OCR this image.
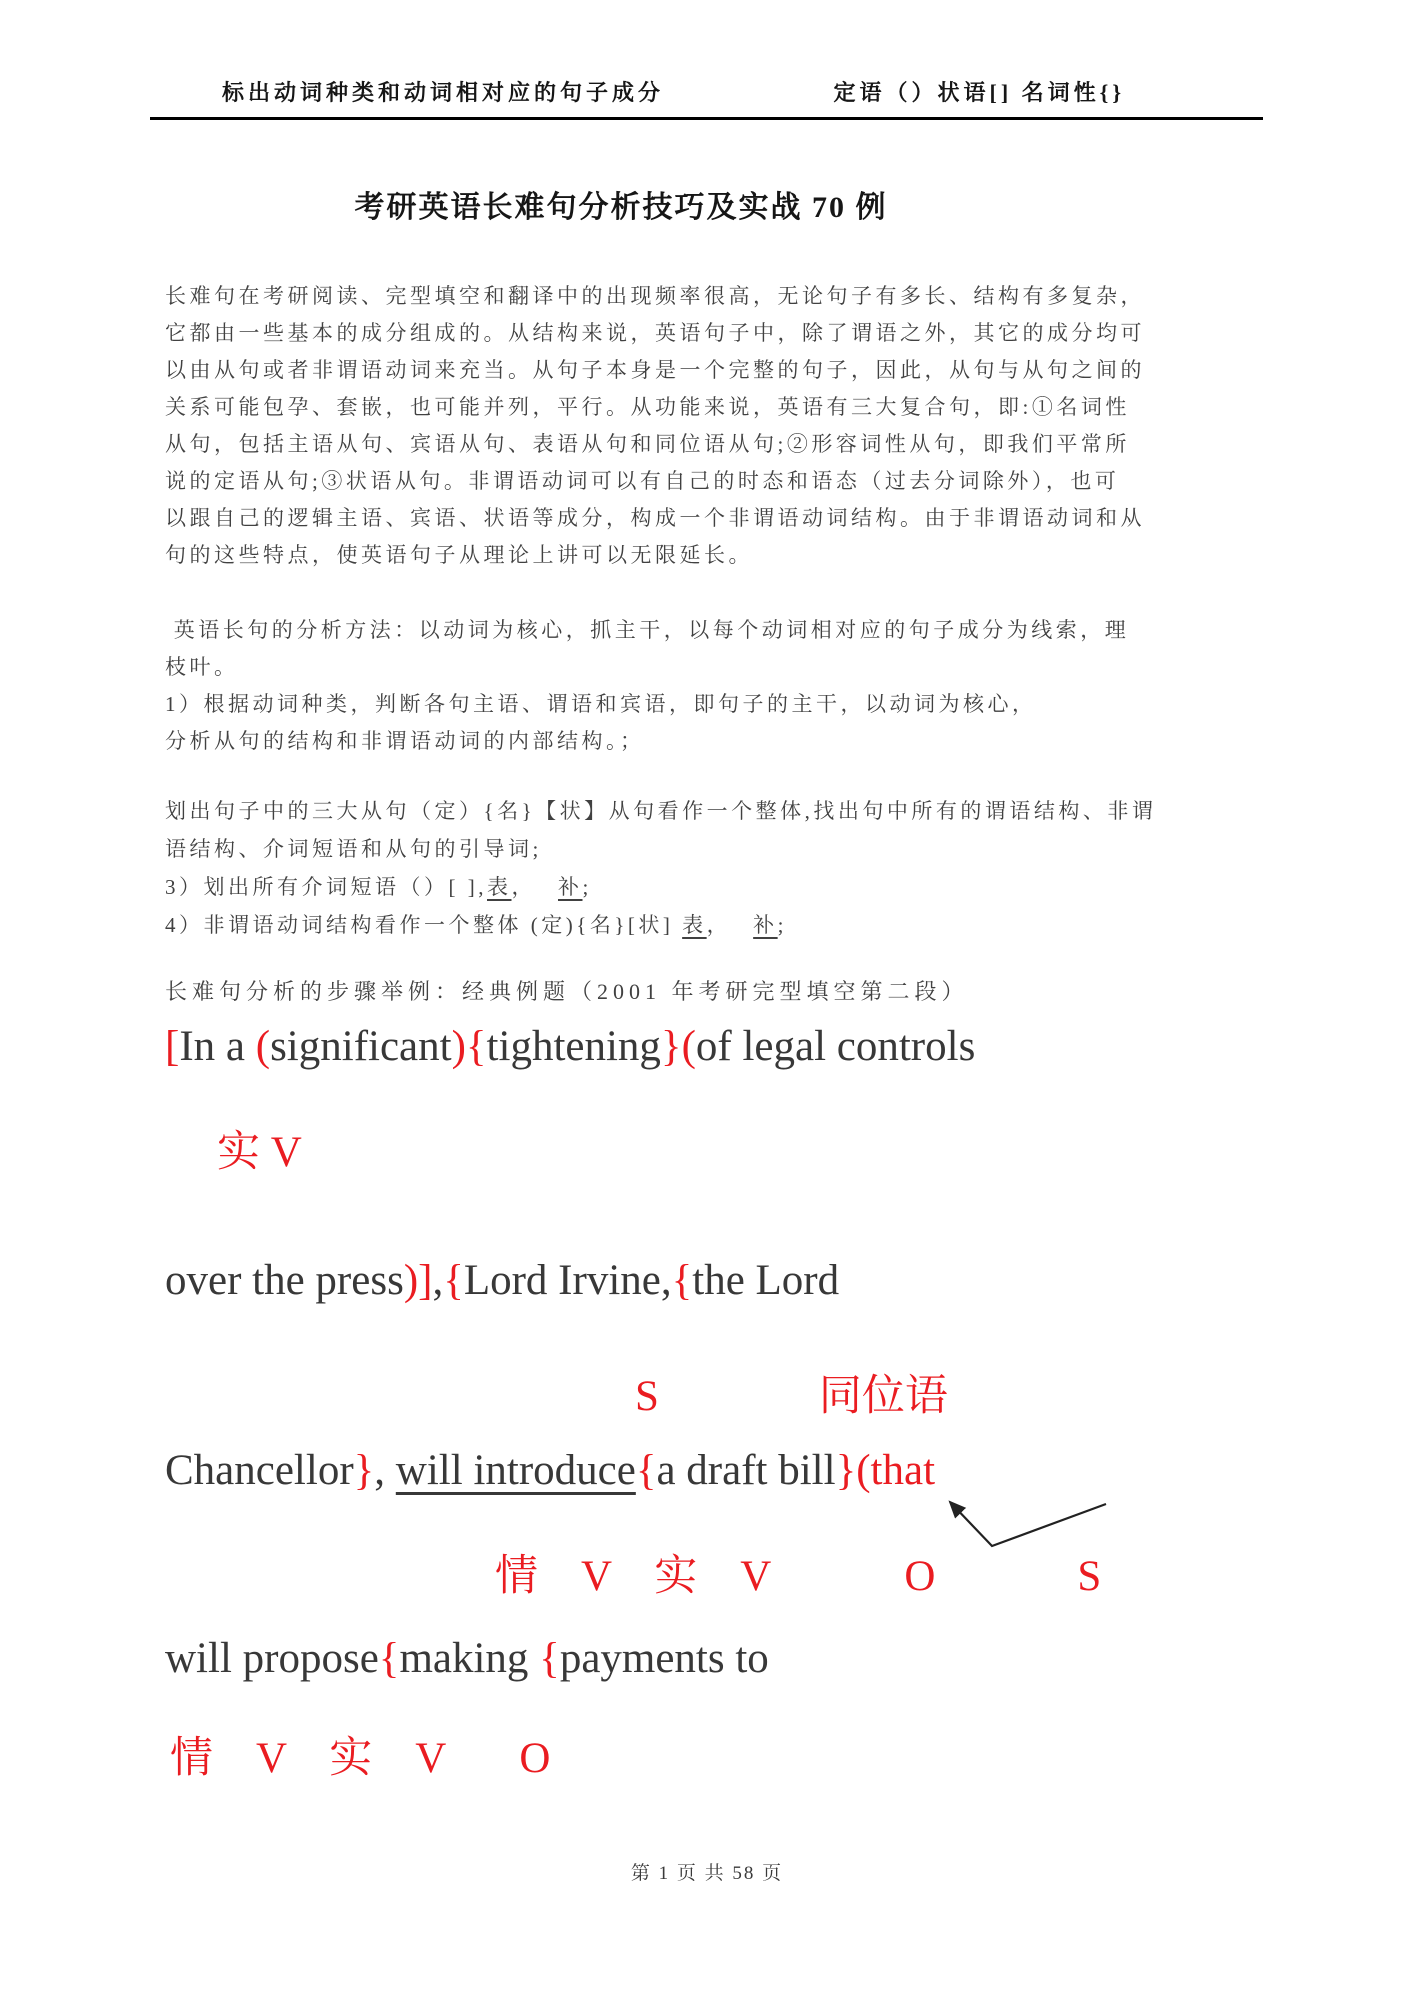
标出动词种类和动词相对应的句子成分	定语（）状语[] 名词性{}
考研英语长难句分析技巧及实战 70 例
长难句在考研阅读、完型填空和翻译中的出现频率很高，无论句子有多长、结构有多复杂，
它都由一些基本的成分组成的。从结构来说，英语句子中，除了谓语之外，其它的成分均可
以由从句或者非谓语动词来充当。从句子本身是一个完整的句子，因此，从句与从句之间的
关系可能包孕、套嵌，也可能并列，平行。从功能来说，英语有三大复合句，即:①名词性
从句，包括主语从句、宾语从句、表语从句和同位语从句;②形容词性从句，即我们平常所
说的定语从句;③状语从句。非谓语动词可以有自己的时态和语态（过去分词除外），也可
以跟自己的逻辑主语、宾语、状语等成分，构成一个非谓语动词结构。由于非谓语动词和从
句的这些特点，使英语句子从理论上讲可以无限延长。
英语长句的分析方法：以动词为核心，抓主干，以每个动词相对应的句子成分为线索，理
枝叶。
1）根据动词种类，判断各句主语、谓语和宾语，即句子的主干，以动词为核心，
分析从句的结构和非谓语动词的内部结构。；
划出句子中的三大从句（定）{名}【状】从句看作一个整体,找出句中所有的谓语结构、非谓
语结构、介词短语和从句的引导词;
3）划出所有介词短语（）[ ],表， 补;
4）非谓语动词结构看作一个整体 (定){名}[状] 表， 补;
长难句分析的步骤举例：经典例题（2001 年考研完型填空第二段）
[In a (significant){tightening}(of legal controls
实 V
over the press)],{Lord Irvine,{the Lord
S	同位语
Chancellor}, will introduce{a draft bill}(that
情　V　实　V	O	S
will propose{making {payments to
情　V　实　V O
第 1 页 共 58 页
